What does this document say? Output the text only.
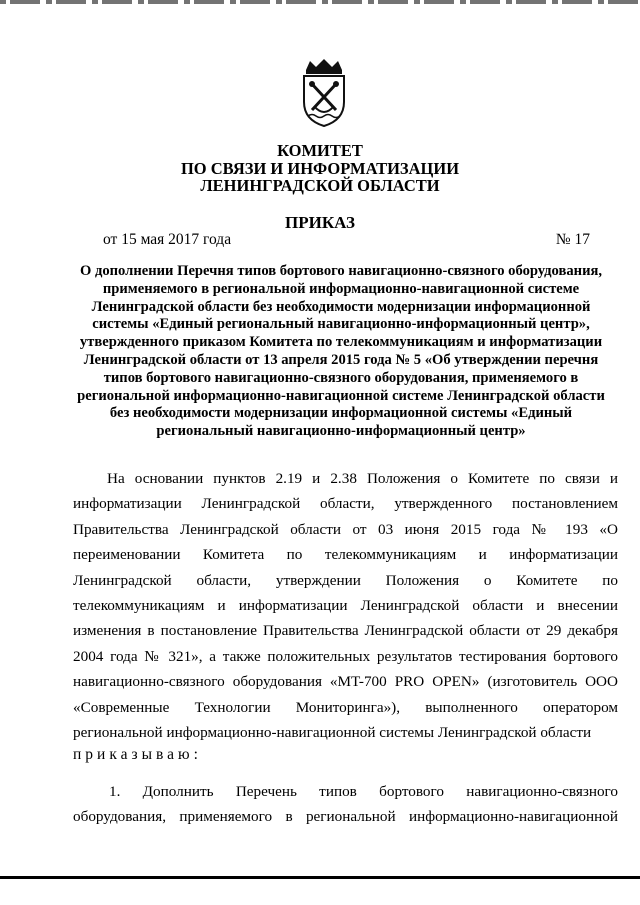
КОМИТЕТ
ПО СВЯЗИ И ИНФОРМАТИЗАЦИИ
ЛЕНИНГРАДСКОЙ ОБЛАСТИ
ПРИКАЗ
от 15 мая 2017 года	№ 17
О дополнении Перечня типов бортового навигационно-связного оборудования,
применяемого в региональной информационно-навигационной системе
Ленинградской области без необходимости модернизации информационной
системы «Единый региональный навигационно-информационный центр»,
утвержденного приказом Комитета по телекоммуникациям и информатизации
Ленинградской области от 13 апреля 2015 года № 5 «Об утверждении перечня
типов бортового навигационно-связного оборудования, применяемого в
региональной информационно-навигационной системе Ленинградской области
без необходимости модернизации информационной системы «Единый
региональный навигационно-информационный центр»
На основании пунктов 2.19 и 2.38 Положения о Комитете по связи и
информатизации Ленинградской области, утвержденного постановлением
Правительства Ленинградской области от 03 июня 2015 года № 193 «О
переименовании Комитета по телекоммуникациям и информатизации
Ленинградской области, утверждении Положения о Комитете по
телекоммуникациям и информатизации Ленинградской области и внесении
изменения в постановление Правительства Ленинградской области от 29 декабря
2004 года № 321», а также положительных результатов тестирования бортового
навигационно-связного оборудования «MT-700 PRO OPEN» (изготовитель ООО
«Современные Технологии Мониторинга»), выполненного оператором
региональной информационно-навигационной системы Ленинградской области
приказываю:
1. Дополнить Перечень типов бортового навигационно-связного
оборудования, применяемого в региональной информационно-навигационной
